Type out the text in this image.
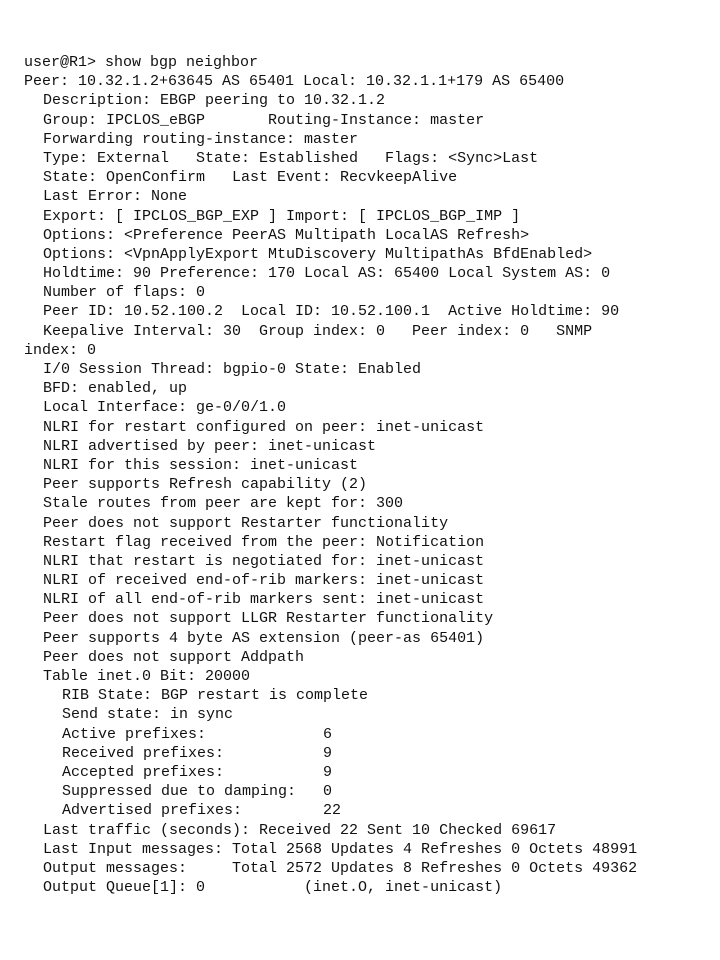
user@R1> show bgp neighbor
Peer: 10.32.1.2+63645 AS 65401 Local: 10.32.1.1+179 AS 65400
Description: EBGP peering to 10.32.1.2
Group: IPCLOS_eBGP       Routing-Instance: master
Forwarding routing-instance: master
Type: External   State: Established   Flags: <Sync>Last
State: OpenConfirm   Last Event: RecvkeepAlive
Last Error: None
Export: [ IPCLOS_BGP_EXP ] Import: [ IPCLOS_BGP_IMP ]
Options: <Preference PeerAS Multipath LocalAS Refresh>
Options: <VpnApplyExport MtuDiscovery MultipathAs BfdEnabled>
Holdtime: 90 Preference: 170 Local AS: 65400 Local System AS: 0
Number of flaps: 0
Peer ID: 10.52.100.2  Local ID: 10.52.100.1  Active Holdtime: 90
Keepalive Interval: 30  Group index: 0   Peer index: 0   SNMP
index: 0
I/0 Session Thread: bgpio-0 State: Enabled
BFD: enabled, up
Local Interface: ge-0/0/1.0
NLRI for restart configured on peer: inet-unicast
NLRI advertised by peer: inet-unicast
NLRI for this session: inet-unicast
Peer supports Refresh capability (2)
Stale routes from peer are kept for: 300
Peer does not support Restarter functionality
Restart flag received from the peer: Notification
NLRI that restart is negotiated for: inet-unicast
NLRI of received end-of-rib markers: inet-unicast
NLRI of all end-of-rib markers sent: inet-unicast
Peer does not support LLGR Restarter functionality
Peer supports 4 byte AS extension (peer-as 65401)
Peer does not support Addpath
Table inet.0 Bit: 20000
RIB State: BGP restart is complete
Send state: in sync
Active prefixes:             6
Received prefixes:           9
Accepted prefixes:           9
Suppressed due to damping:   0
Advertised prefixes:         22
Last traffic (seconds): Received 22 Sent 10 Checked 69617
Last Input messages: Total 2568 Updates 4 Refreshes 0 Octets 48991
Output messages:     Total 2572 Updates 8 Refreshes 0 Octets 49362
Output Queue[1]: 0           (inet.O, inet-unicast)
